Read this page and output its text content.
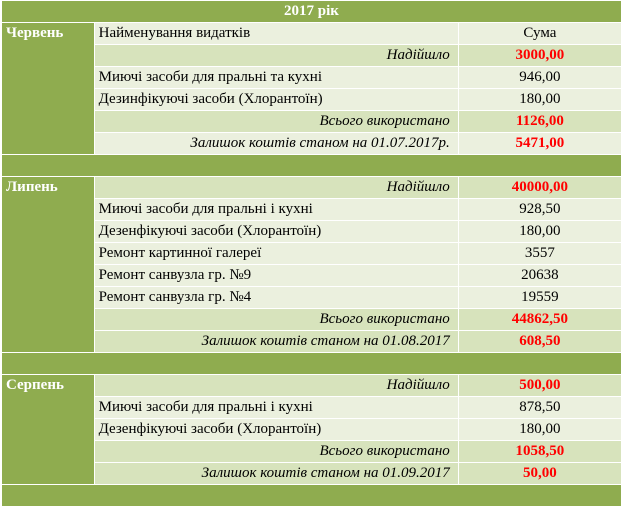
2017 рік		
Червень	Найменування видатків	Сума
	Надійшло	3000,00
	Миючі засоби для пральні та кухні	946,00
	Дезинфікуючі засоби (Хлорантоїн)	180,00
	Всього використано	1126,00
	Залишок коштів станом на 01.07.2017р.	5471,00

Липень	Надійшло	40000,00
	Миючі засоби для пральні і кухні	928,50
	Дезенфікуючі засоби (Хлорантоїн)	180,00
	Ремонт картинної галереї	3557
	Ремонт санвузла гр. №9	20638
	Ремонт санвузла гр. №4	19559
	Всього використано	44862,50
	Залишок коштів станом на 01.08.2017	608,50

Серпень	Надійшло	500,00
	Миючі засоби для пральні і кухні	878,50
	Дезенфікуючі засоби (Хлорантоїн)	180,00
	Всього використано	1058,50
	Залишок коштів станом на 01.09.2017	50,00
